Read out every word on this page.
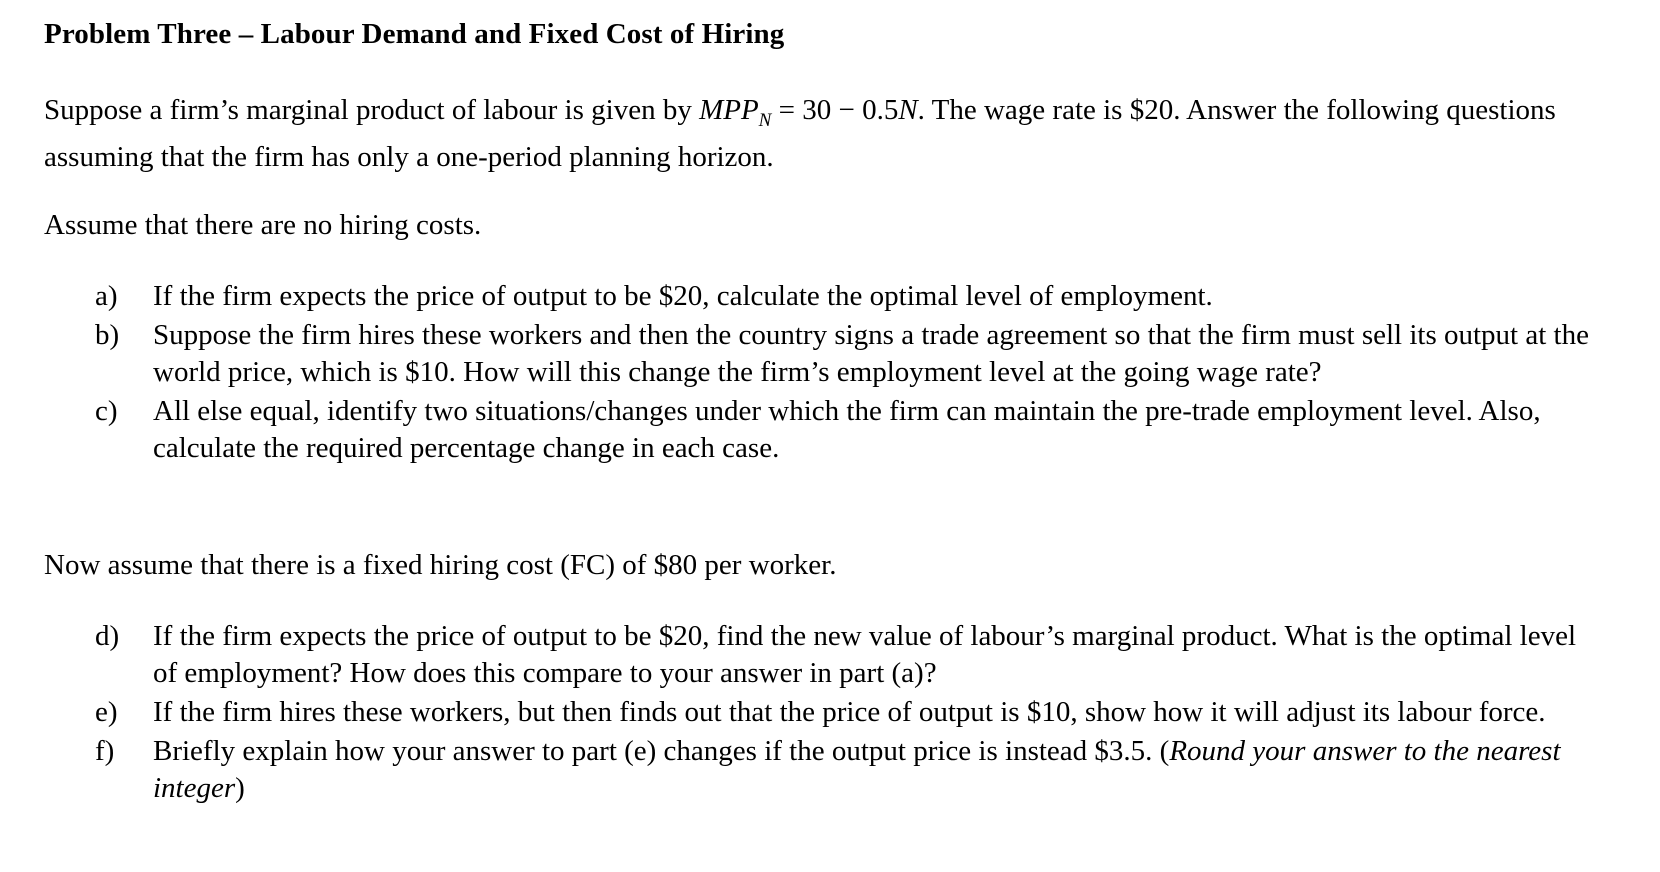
Problem Three – Labour Demand and Fixed Cost of Hiring
Suppose a firm’s marginal product of labour is given by $MPP_N = 30 - 0.5N$. The wage rate is $20. Answer the following questions assuming that the firm has only a one-period planning horizon.
Assume that there are no hiring costs.
a) If the firm expects the price of output to be $20, calculate the optimal level of employment.
b) Suppose the firm hires these workers and then the country signs a trade agreement so that the firm must sell its output at the world price, which is $10. How will this change the firm’s employment level at the going wage rate?
c) All else equal, identify two situations/changes under which the firm can maintain the pre-trade employment level. Also, calculate the required percentage change in each case.
Now assume that there is a fixed hiring cost (FC) of $80 per worker.
d) If the firm expects the price of output to be $20, find the new value of labour’s marginal product. What is the optimal level of employment? How does this compare to your answer in part (a)?
e) If the firm hires these workers, but then finds out that the price of output is $10, show how it will adjust its labour force.
f) Briefly explain how your answer to part (e) changes if the output price is instead $3.5. (Round your answer to the nearest integer)
